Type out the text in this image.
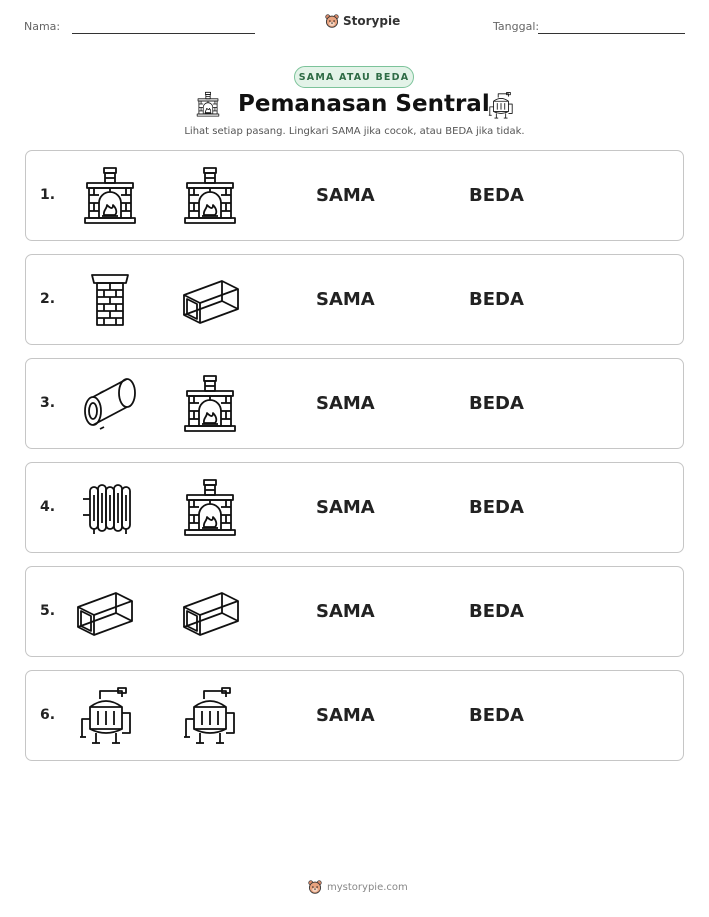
Nama:	Storypie	Tanggal:
SAMA ATAU BEDA
Pemanasan Sentral
Lihat setiap pasang. Lingkari SAMA jika cocok, atau BEDA jika tidak.
1.	SAMA	BEDA
2.	SAMA	BEDA
3.	SAMA	BEDA
4.	SAMA	BEDA
5.	SAMA	BEDA
6.	SAMA	BEDA
mystorypie.com
